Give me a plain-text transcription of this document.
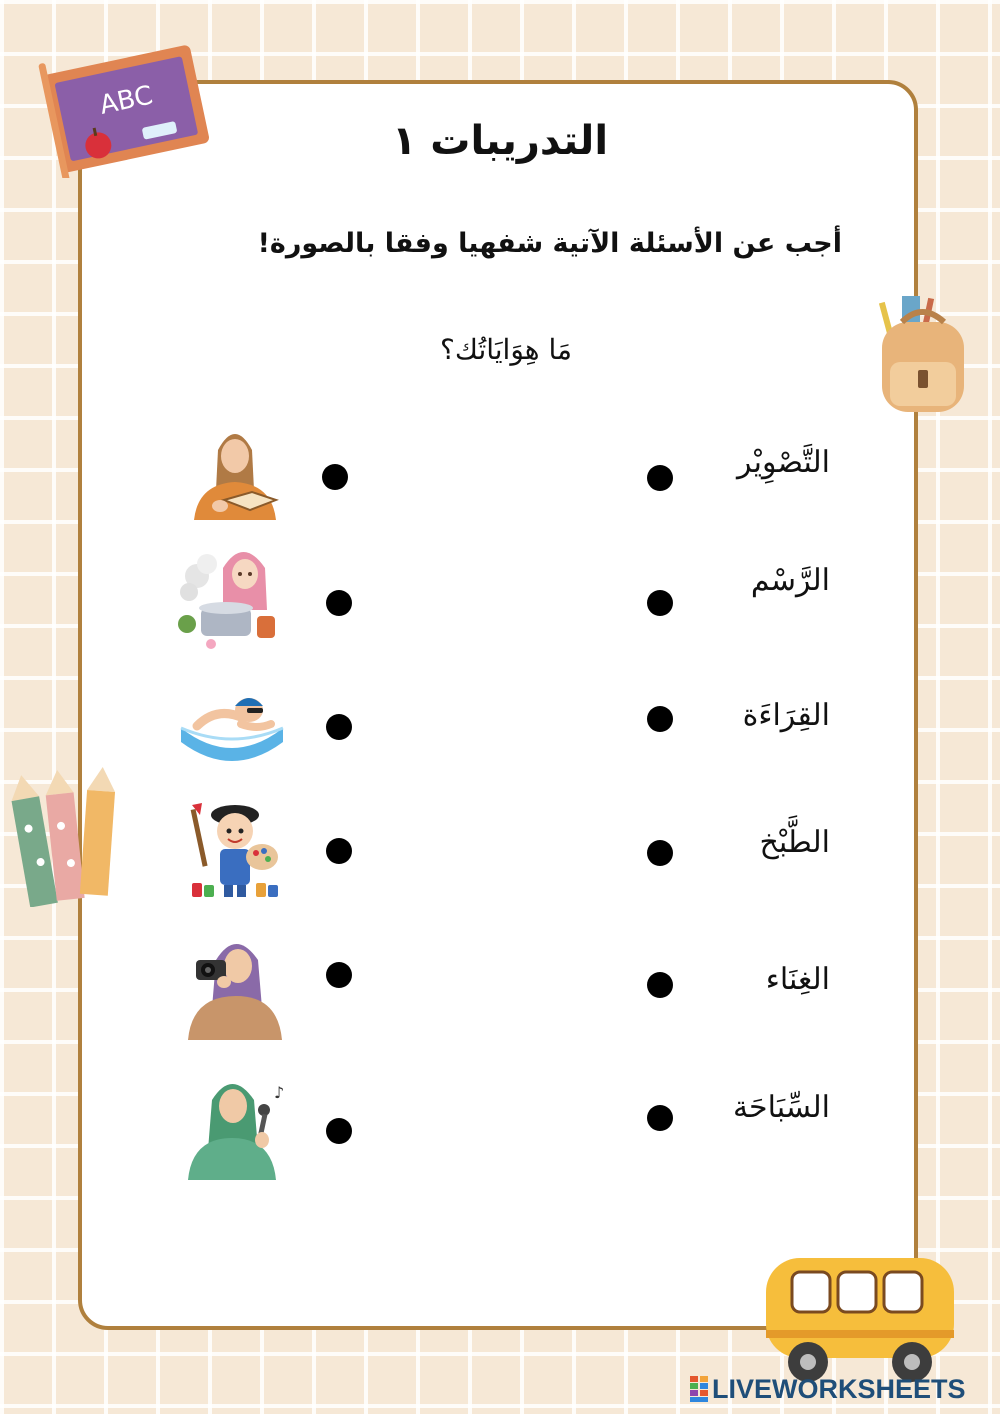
ABC
التدريبات ١

أجب عن الأسئلة الآتية شفهيا وفقا بالصورة!

مَا هِوَايَاتُك؟

التَّصْوِيْر
الرَّسْم
القِرَاءَة
الطَّبْخ
الغِنَاء
السِّبَاحَة
♪
LIVEWORKSHEETS
